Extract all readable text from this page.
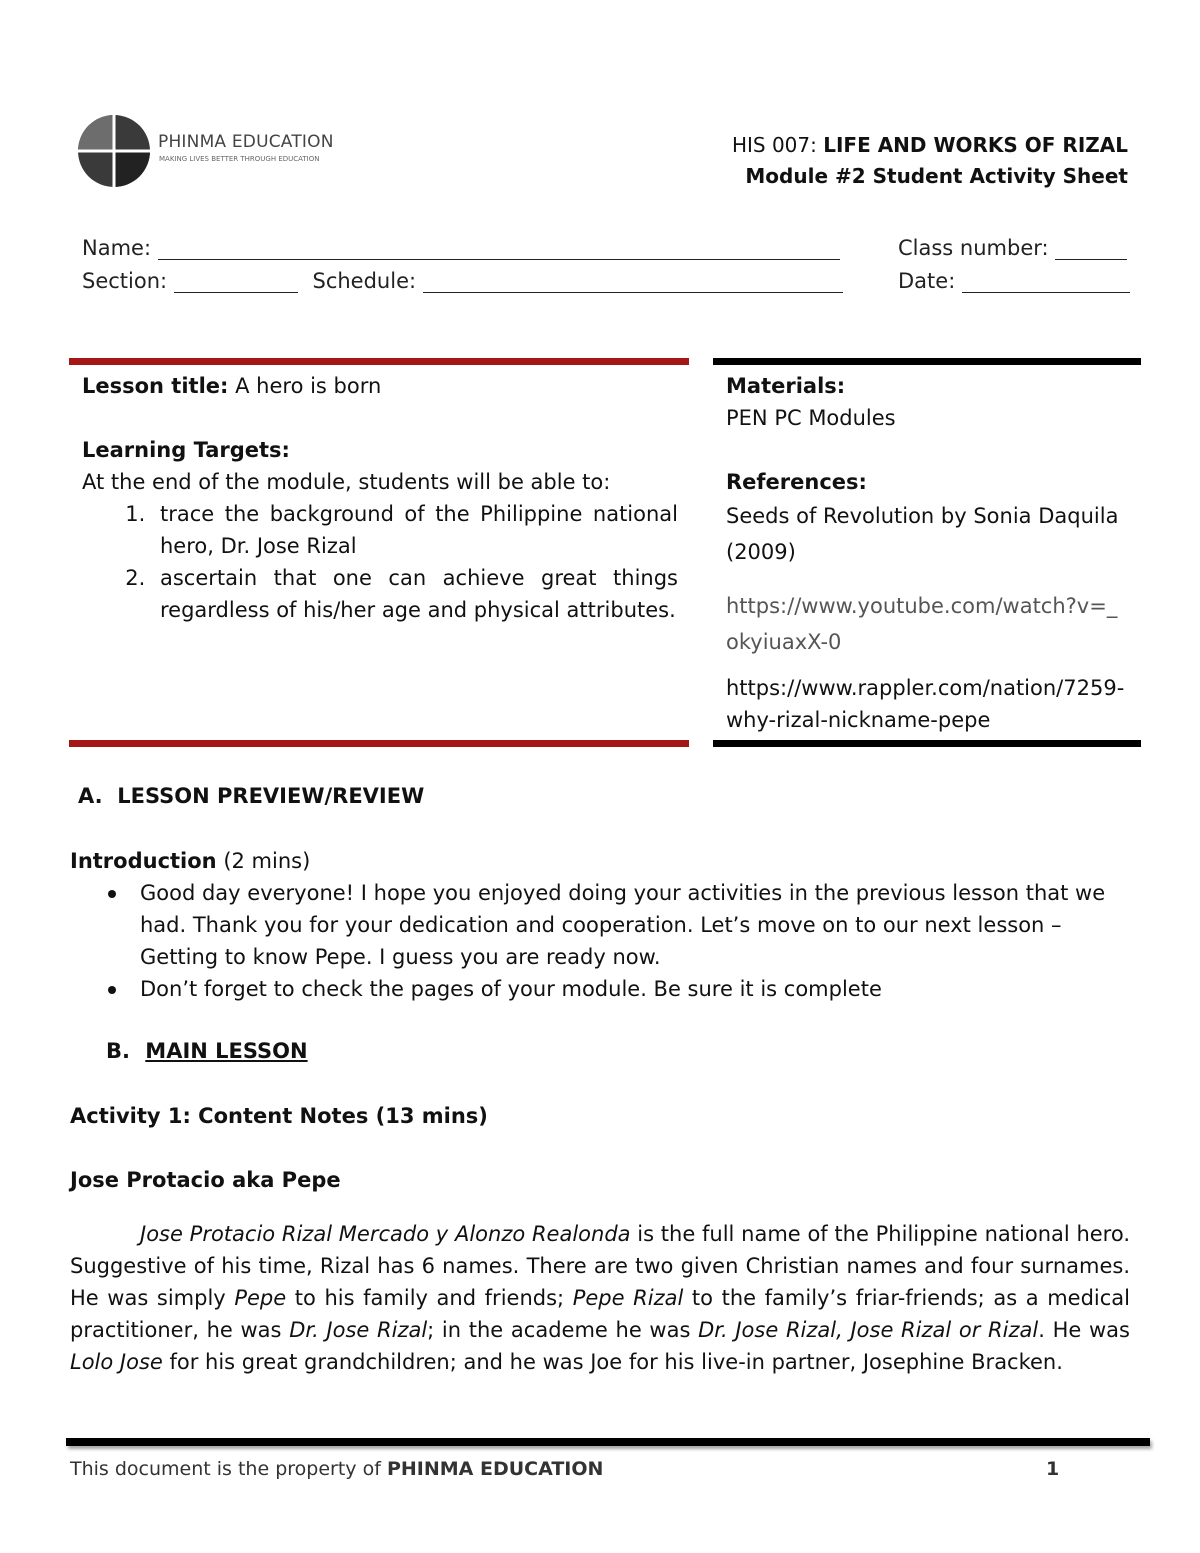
PHINMA EDUCATION
MAKING LIVES BETTER THROUGH EDUCATION
HIS 007: LIFE AND WORKS OF RIZAL
Module #2 Student Activity Sheet
Name:	Class number:
Section:	Schedule:	Date:
Lesson title: A hero is born
Learning Targets:
At the end of the module, students will be able to:
1. trace the background of the Philippine national hero, Dr. Jose Rizal
2. ascertain that one can achieve great things regardless of his/her age and physical attributes.
Materials:
PEN PC Modules
References:
Seeds of Revolution by Sonia Daquila (2009)
https://www.youtube.com/watch?v=_okyiuaxX-0
https://www.rappler.com/nation/7259-why-rizal-nickname-pepe
A.  LESSON PREVIEW/REVIEW
Introduction (2 mins)
Good day everyone! I hope you enjoyed doing your activities in the previous lesson that we had. Thank you for your dedication and cooperation. Let’s move on to our next lesson – Getting to know Pepe. I guess you are ready now.
Don’t forget to check the pages of your module. Be sure it is complete
B. MAIN LESSON
Activity 1: Content Notes (13 mins)
Jose Protacio aka Pepe
Jose Protacio Rizal Mercado y Alonzo Realonda is the full name of the Philippine national hero. Suggestive of his time, Rizal has 6 names. There are two given Christian names and four surnames. He was simply Pepe to his family and friends; Pepe Rizal to the family’s friar-friends; as a medical practitioner, he was Dr. Jose Rizal; in the academe he was Dr. Jose Rizal, Jose Rizal or Rizal. He was Lolo Jose for his great grandchildren; and he was Joe for his live-in partner, Josephine Bracken.
This document is the property of PHINMA EDUCATION	1
